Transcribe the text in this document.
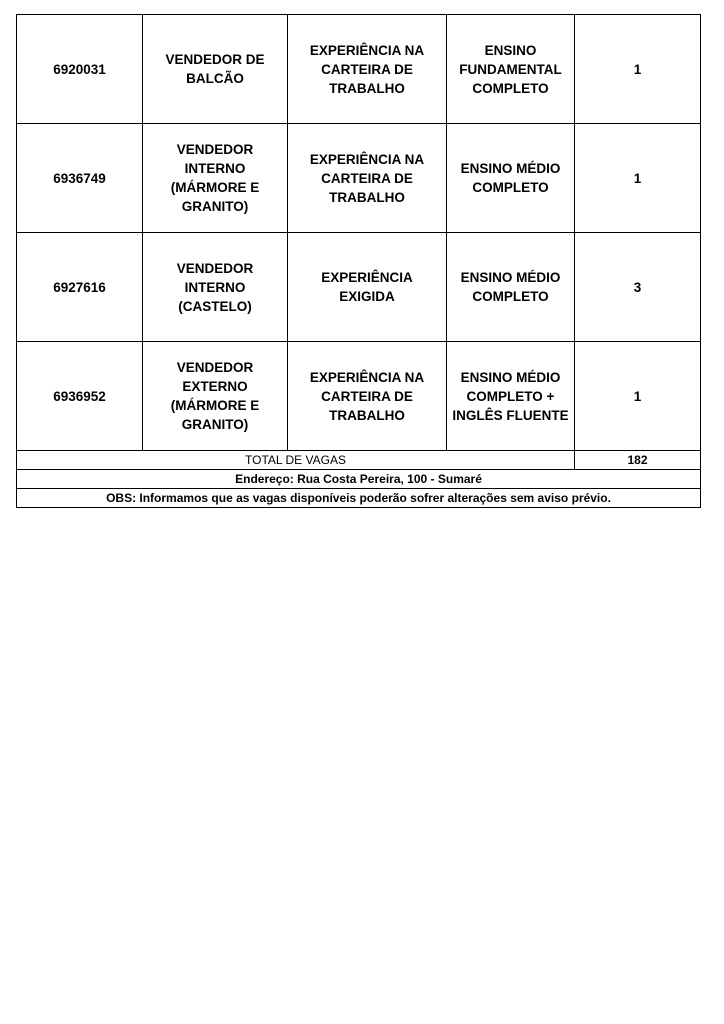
6920031	VENDEDOR DE
BALCÃO	EXPERIÊNCIA NA
CARTEIRA DE
TRABALHO	ENSINO
FUNDAMENTAL
COMPLETO	1
6936749	VENDEDOR INTERNO
(MÁRMORE E
GRANITO)	EXPERIÊNCIA NA
CARTEIRA DE
TRABALHO	ENSINO MÉDIO
COMPLETO	1
6927616	VENDEDOR INTERNO
(CASTELO)	EXPERIÊNCIA EXIGIDA	ENSINO MÉDIO
COMPLETO	3
6936952	VENDEDOR EXTERNO
(MÁRMORE E
GRANITO)	EXPERIÊNCIA NA
CARTEIRA DE
TRABALHO	ENSINO MÉDIO
COMPLETO +
INGLÊS FLUENTE	1
TOTAL DE VAGAS				182
Endereço: Rua Costa Pereira, 100 - Sumaré				
OBS: Informamos que as vagas disponíveis poderão sofrer alterações sem aviso prévio.				
